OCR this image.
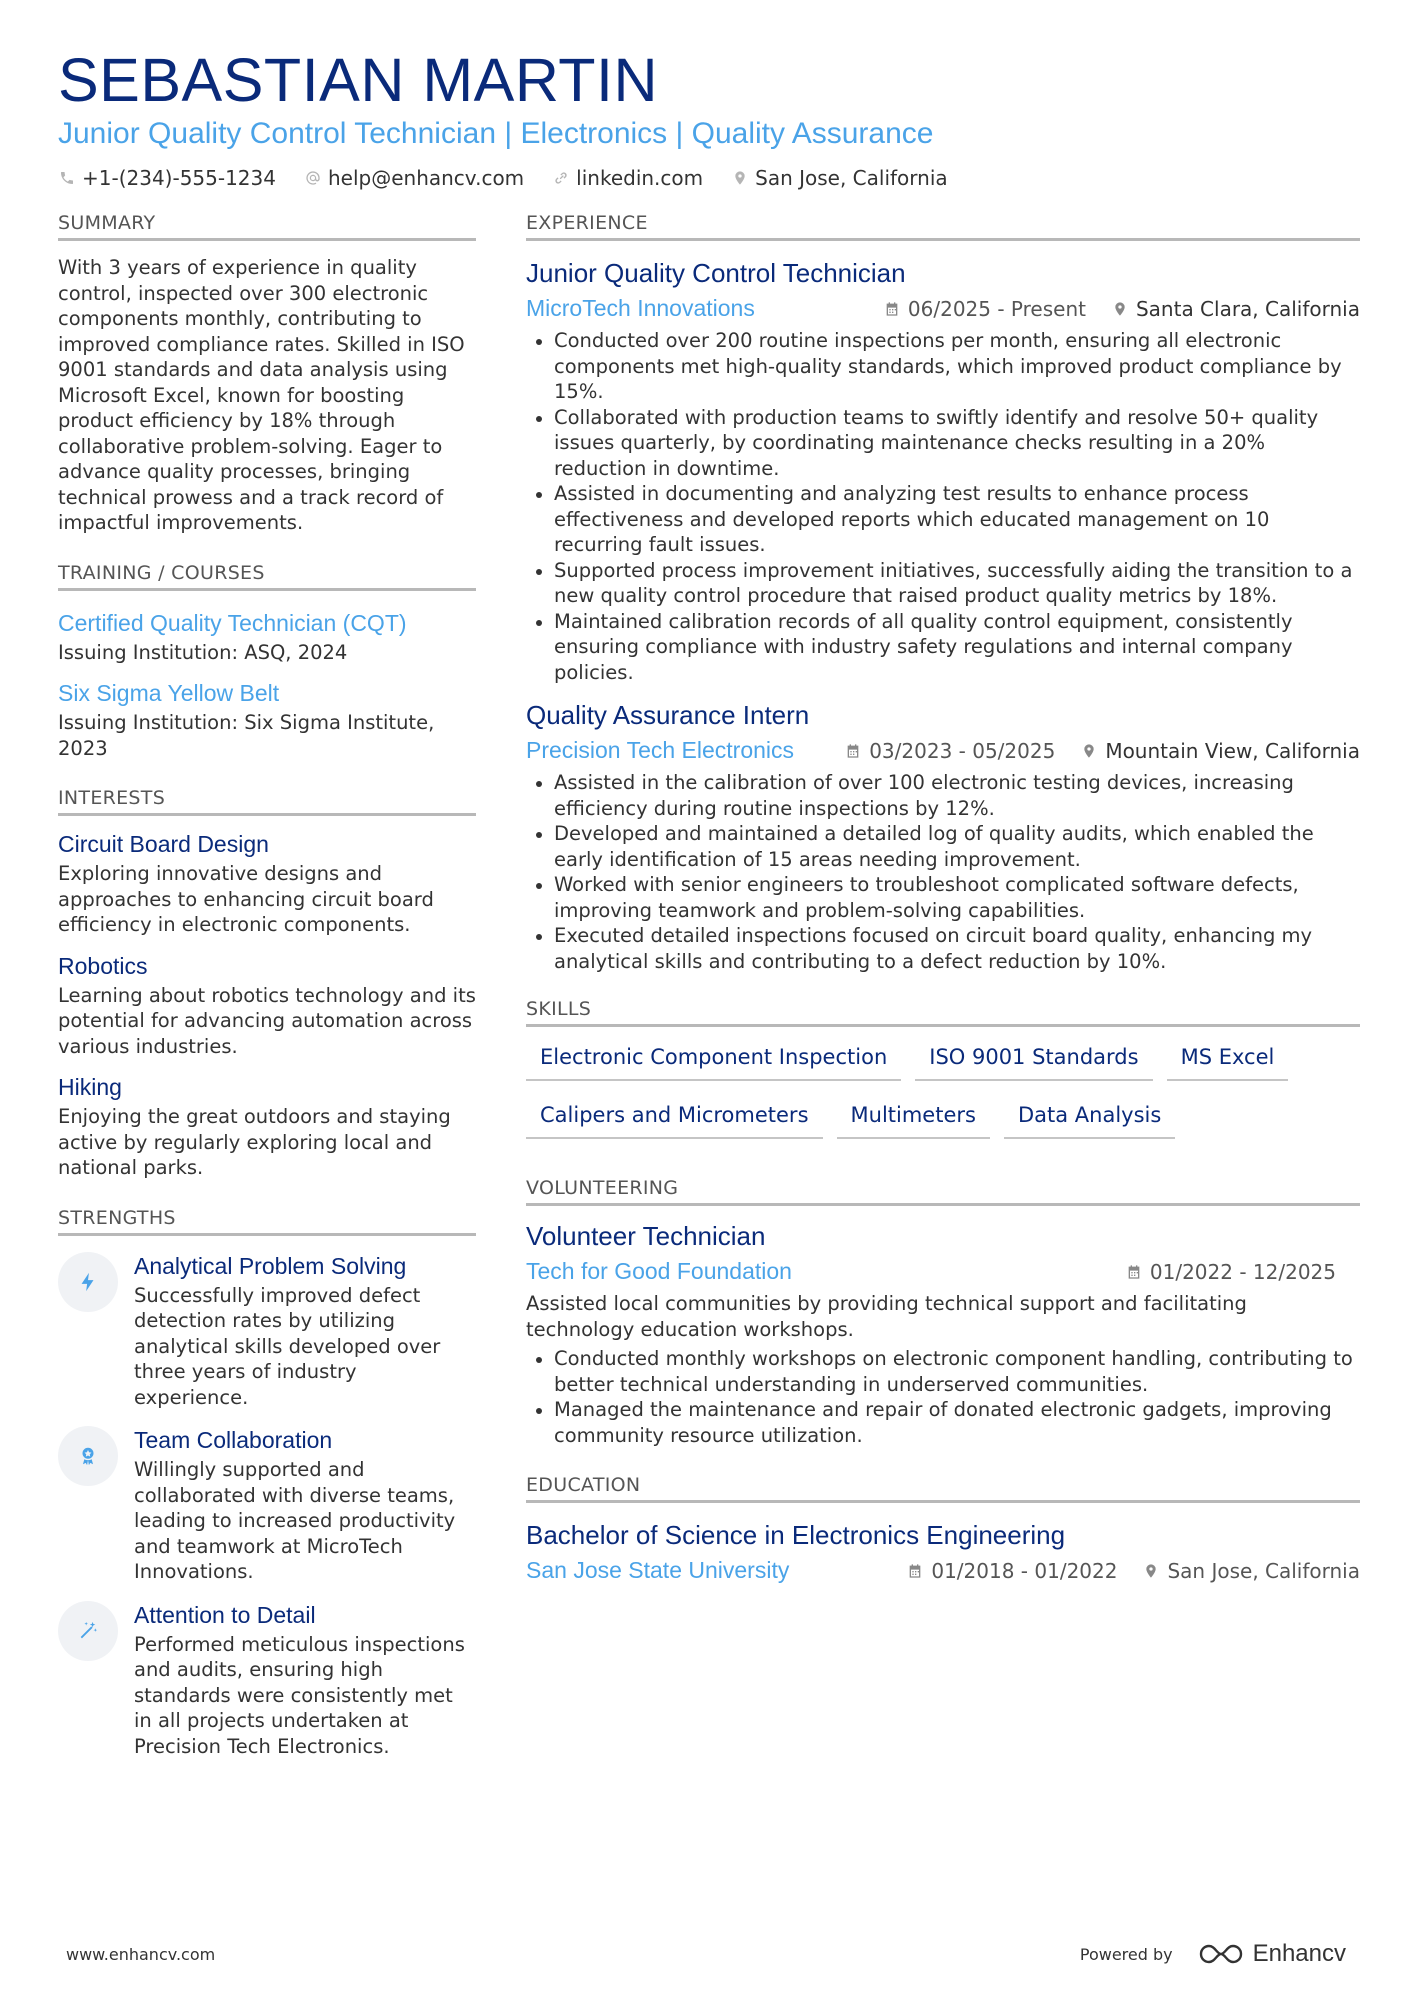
SEBASTIAN MARTIN
Junior Quality Control Technician | Electronics | Quality Assurance
+1-(234)-555-1234	help@enhancv.com	linkedin.com	San Jose, California
SUMMARY
With 3 years of experience in quality control, inspected over 300 electronic components monthly, contributing to improved compliance rates. Skilled in ISO 9001 standards and data analysis using Microsoft Excel, known for boosting product efficiency by 18% through collaborative problem-solving. Eager to advance quality processes, bringing technical prowess and a track record of impactful improvements.
TRAINING / COURSES
Certified Quality Technician (CQT)
Issuing Institution: ASQ, 2024
Six Sigma Yellow Belt
Issuing Institution: Six Sigma Institute, 2023
INTERESTS
Circuit Board Design
Exploring innovative designs and approaches to enhancing circuit board efficiency in electronic components.
Robotics
Learning about robotics technology and its potential for advancing automation across various industries.
Hiking
Enjoying the great outdoors and staying active by regularly exploring local and national parks.
STRENGTHS
Analytical Problem Solving
Successfully improved defect detection rates by utilizing analytical skills developed over three years of industry experience.
Team Collaboration
Willingly supported and collaborated with diverse teams, leading to increased productivity and teamwork at MicroTech Innovations.
Attention to Detail
Performed meticulous inspections and audits, ensuring high standards were consistently met in all projects undertaken at Precision Tech Electronics.
EXPERIENCE
Junior Quality Control Technician
MicroTech Innovations	06/2025 - Present	Santa Clara, California
Conducted over 200 routine inspections per month, ensuring all electronic components met high-quality standards, which improved product compliance by 15%.
Collaborated with production teams to swiftly identify and resolve 50+ quality issues quarterly, by coordinating maintenance checks resulting in a 20% reduction in downtime.
Assisted in documenting and analyzing test results to enhance process effectiveness and developed reports which educated management on 10 recurring fault issues.
Supported process improvement initiatives, successfully aiding the transition to a new quality control procedure that raised product quality metrics by 18%.
Maintained calibration records of all quality control equipment, consistently ensuring compliance with industry safety regulations and internal company policies.
Quality Assurance Intern
Precision Tech Electronics	03/2023 - 05/2025	Mountain View, California
Assisted in the calibration of over 100 electronic testing devices, increasing efficiency during routine inspections by 12%.
Developed and maintained a detailed log of quality audits, which enabled the early identification of 15 areas needing improvement.
Worked with senior engineers to troubleshoot complicated software defects, improving teamwork and problem-solving capabilities.
Executed detailed inspections focused on circuit board quality, enhancing my analytical skills and contributing to a defect reduction by 10%.
SKILLS
Electronic Component Inspection	ISO 9001 Standards	MS Excel
Calipers and Micrometers	Multimeters	Data Analysis
VOLUNTEERING
Volunteer Technician
Tech for Good Foundation	01/2022 - 12/2025
Assisted local communities by providing technical support and facilitating technology education workshops.
Conducted monthly workshops on electronic component handling, contributing to better technical understanding in underserved communities.
Managed the maintenance and repair of donated electronic gadgets, improving community resource utilization.
EDUCATION
Bachelor of Science in Electronics Engineering
San Jose State University	01/2018 - 01/2022	San Jose, California
www.enhancv.com	Powered by	Enhancv
